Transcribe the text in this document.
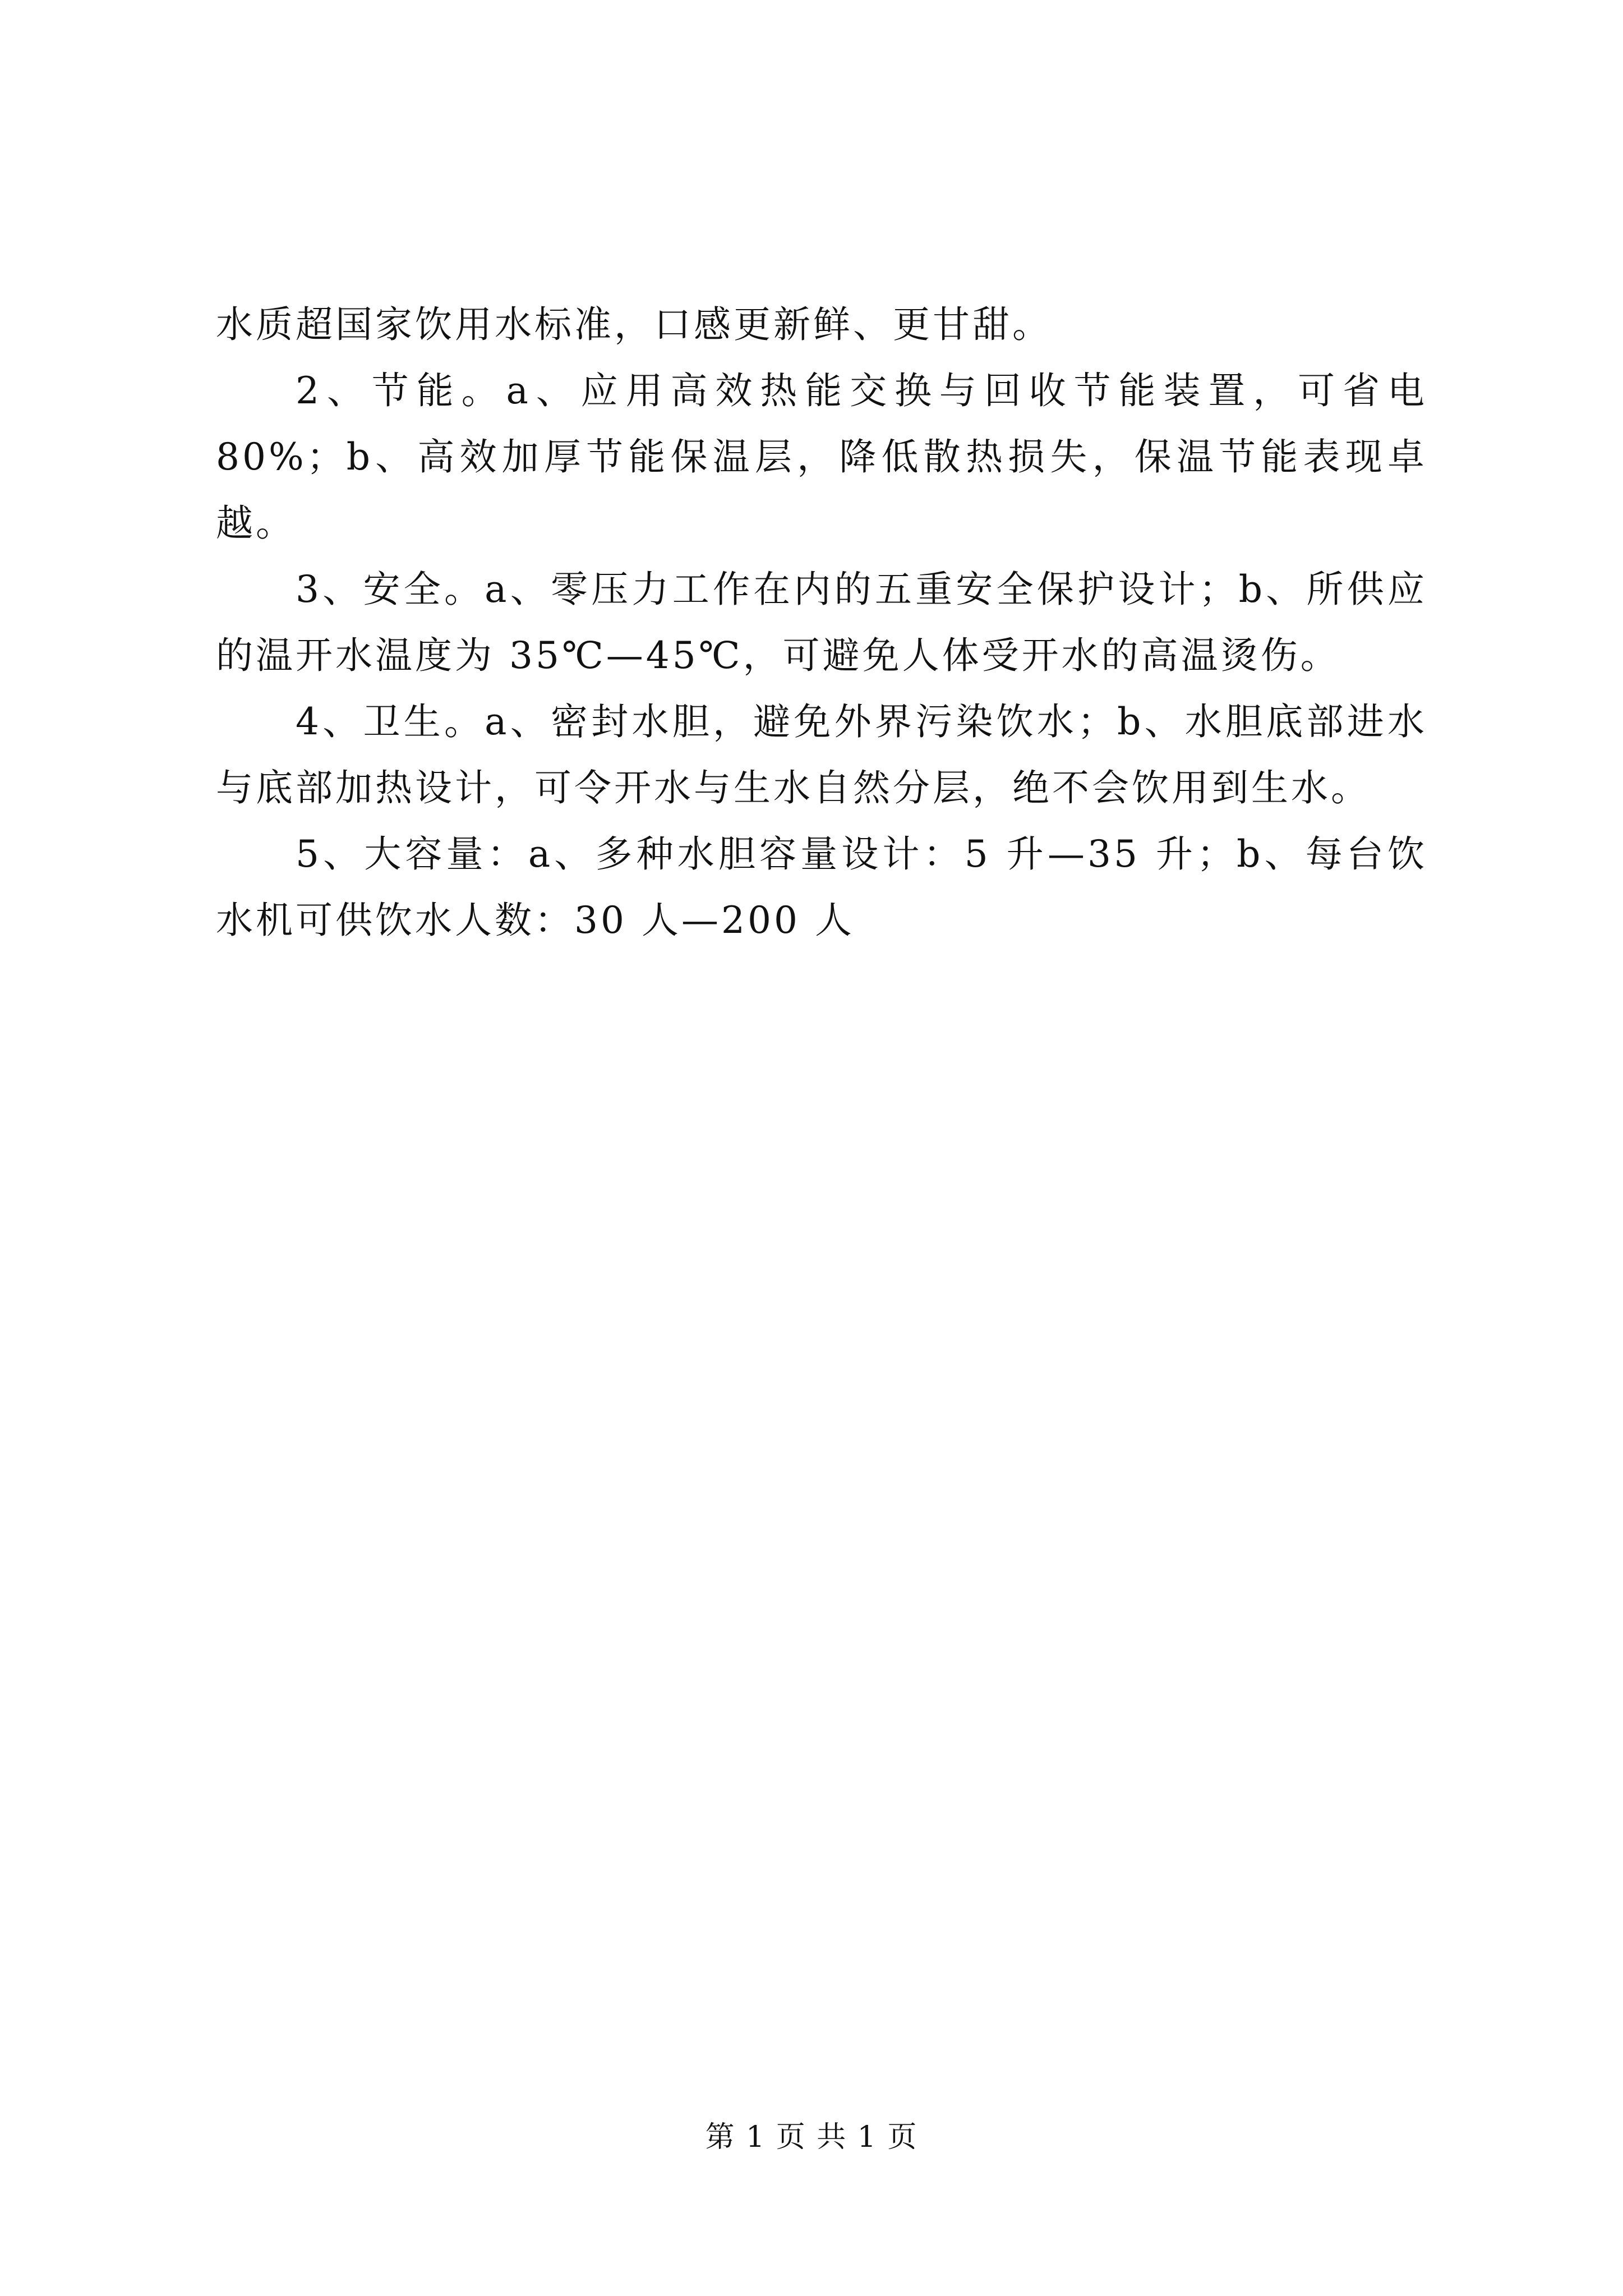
水质超国家饮用水标准，口感更新鲜、更甘甜。

2、节能。a、应用高效热能交换与回收节能装置，可省电80%；b、高效加厚节能保温层，降低散热损失，保温节能表现卓越。

3、安全。a、零压力工作在内的五重安全保护设计；b、所供应的温开水温度为 35℃—45℃，可避免人体受开水的高温烫伤。

4、卫生。a、密封水胆，避免外界污染饮水；b、水胆底部进水与底部加热设计，可令开水与生水自然分层，绝不会饮用到生水。

5、大容量：a、多种水胆容量设计：5 升—35 升；b、每台饮水机可供饮水人数：30 人—200 人

第 1 页 共 1 页
